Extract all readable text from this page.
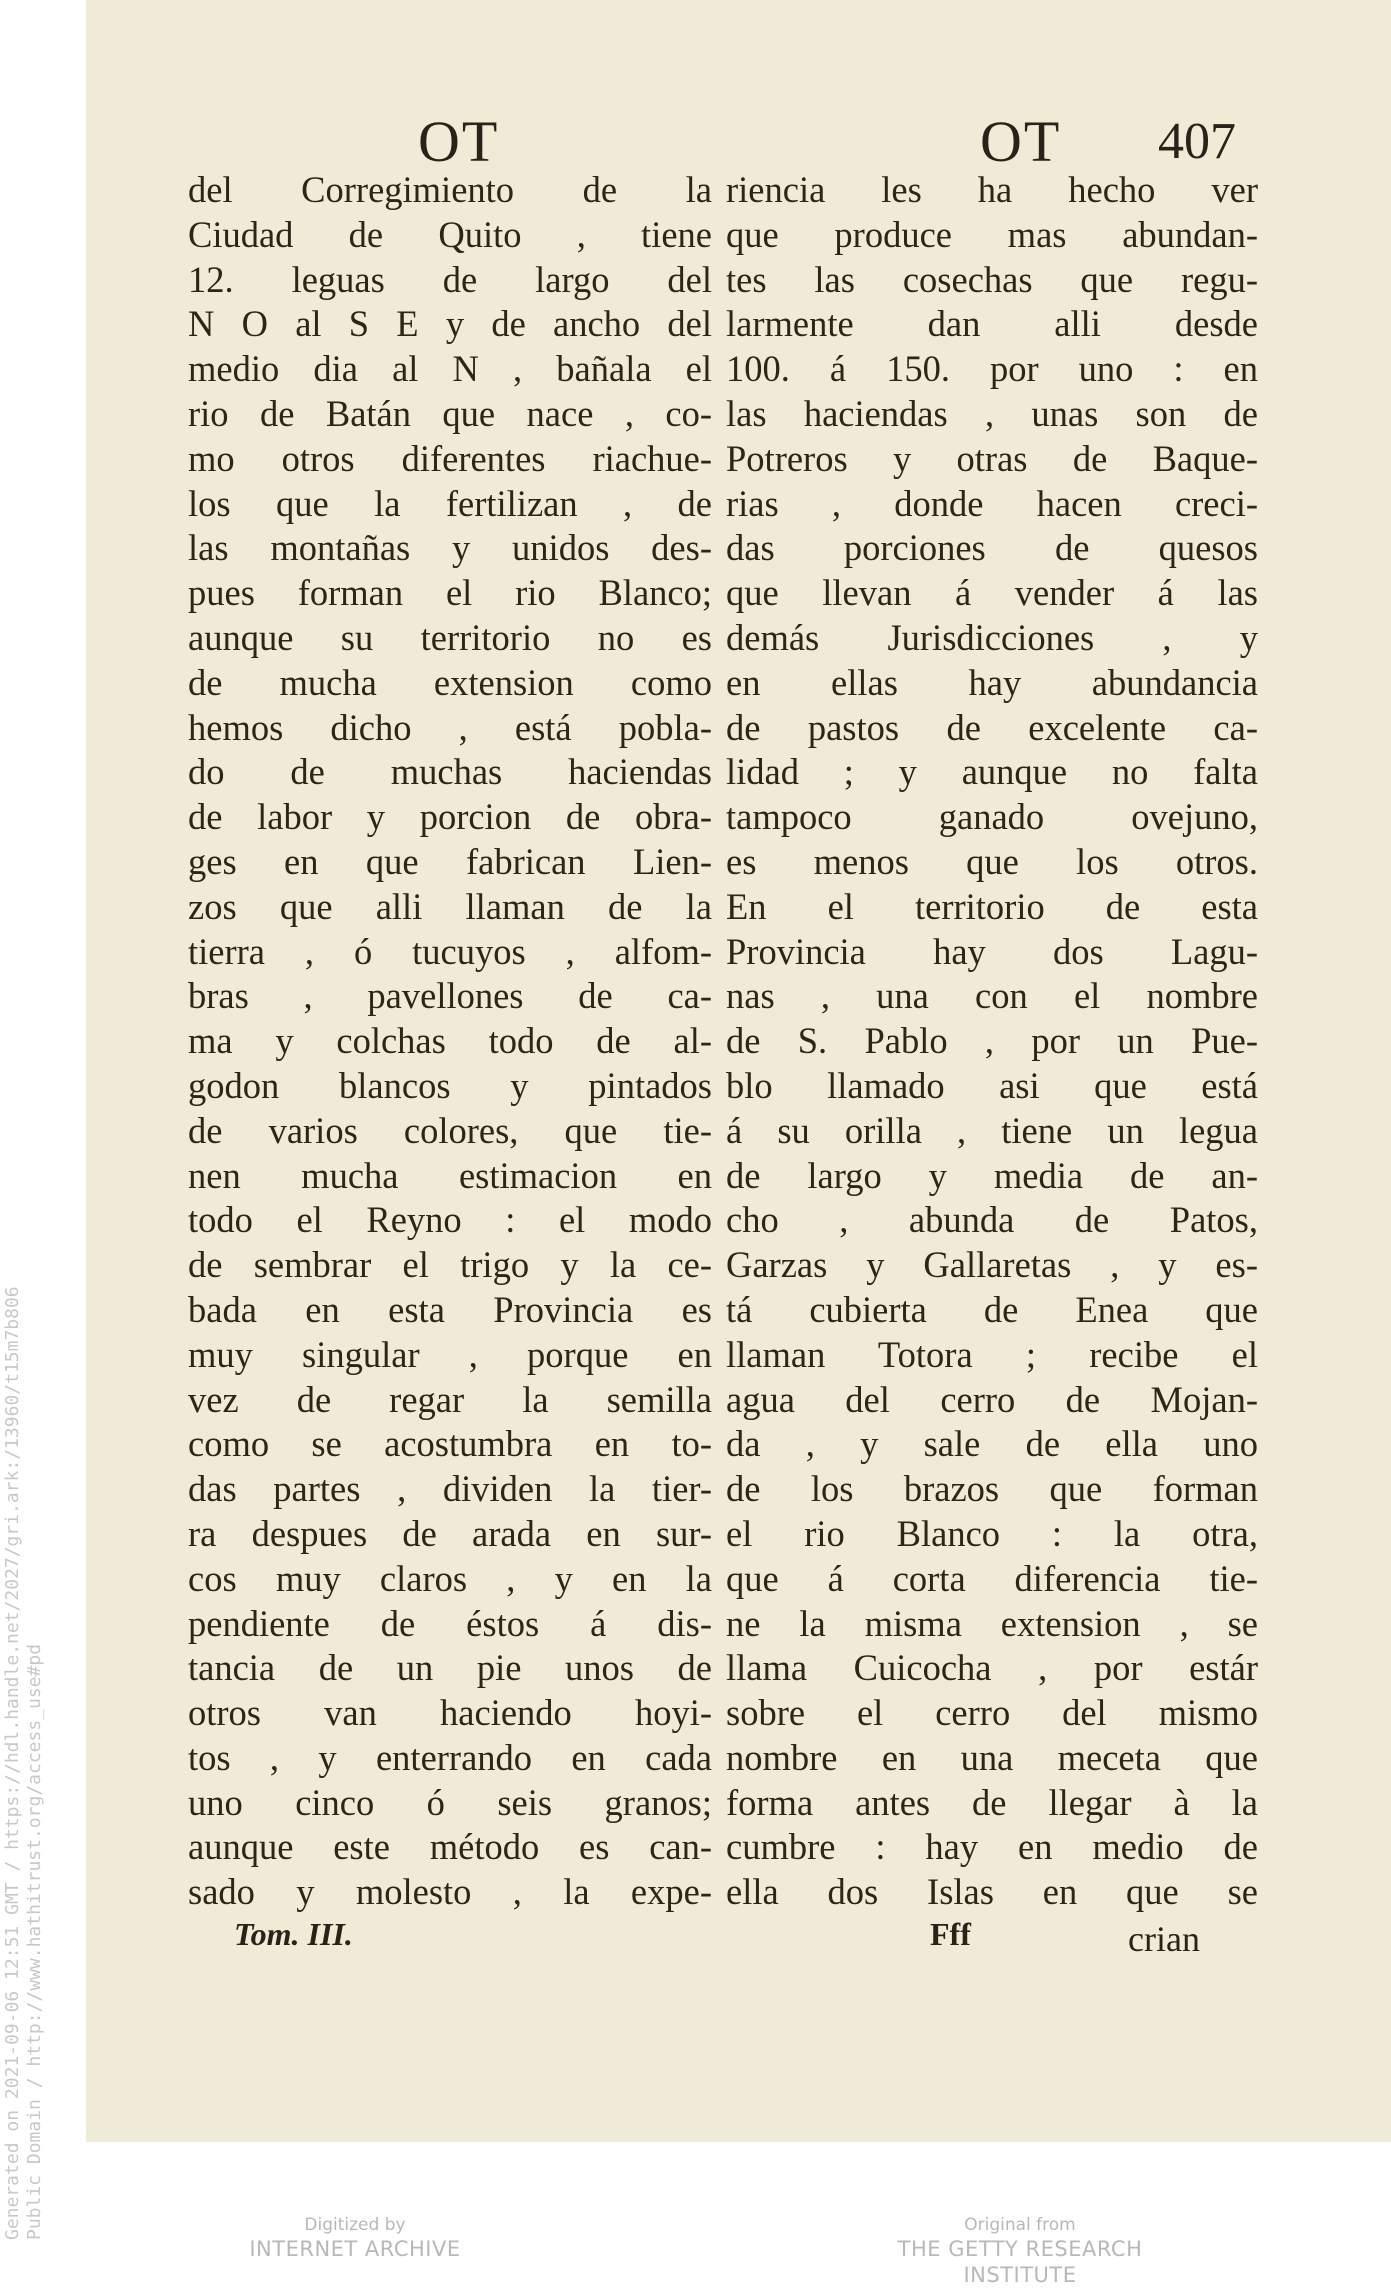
Generated on 2021-09-06 12:51 GMT / https://hdl.handle.net/2027/gri.ark:/13960/t15m7b806 Public Domain / http://www.hathitrust.org/access_use#pd
OT	OT 407
del Corregimiento de la
Ciudad de Quito , tiene
12. leguas de largo del
N O al S E y de ancho del
medio dia al N , bañala el
rio de Batán que nace , co-
mo otros diferentes riachue-
los que la fertilizan , de
las montañas y unidos des-
pues forman el rio Blanco;
aunque su territorio no es
de mucha extension como
hemos dicho , está pobla-
do de muchas haciendas
de labor y porcion de obra-
ges en que fabrican Lien-
zos que alli llaman de la
tierra , ó tucuyos , alfom-
bras , pavellones de ca-
ma y colchas todo de al-
godon blancos y pintados
de varios colores, que tie-
nen mucha estimacion en
todo el Reyno : el modo
de sembrar el trigo y la ce-
bada en esta Provincia es
muy singular , porque en
vez de regar la semilla
como se acostumbra en to-
das partes , dividen la tier-
ra despues de arada en sur-
cos muy claros , y en la
pendiente de éstos á dis-
tancia de un pie unos de
otros van haciendo hoyi-
tos , y enterrando en cada
uno cinco ó seis granos;
aunque este método es can-
sado y molesto , la expe-
riencia les ha hecho ver
que produce mas abundan-
tes las cosechas que regu-
larmente dan alli desde
100. á 150. por uno : en
las haciendas , unas son de
Potreros y otras de Baque-
rias , donde hacen creci-
das porciones de quesos
que llevan á vender á las
demás Jurisdicciones , y
en ellas hay abundancia
de pastos de excelente ca-
lidad ; y aunque no falta
tampoco ganado ovejuno,
es menos que los otros.
En el territorio de esta
Provincia hay dos Lagu-
nas , una con el nombre
de S. Pablo , por un Pue-
blo llamado asi que está
á su orilla , tiene un legua
de largo y media de an-
cho , abunda de Patos,
Garzas y Gallaretas , y es-
tá cubierta de Enea que
llaman Totora ; recibe el
agua del cerro de Mojan-
da , y sale de ella uno
de los brazos que forman
el rio Blanco : la otra,
que á corta diferencia tie-
ne la misma extension , se
llama Cuicocha , por estár
sobre el cerro del mismo
nombre en una meceta que
forma antes de llegar à la
cumbre : hay en medio de
ella dos Islas en que se
Tom. III.	Fff	crian
Digitized by
INTERNET ARCHIVE
Original from
THE GETTY RESEARCH INSTITUTE
